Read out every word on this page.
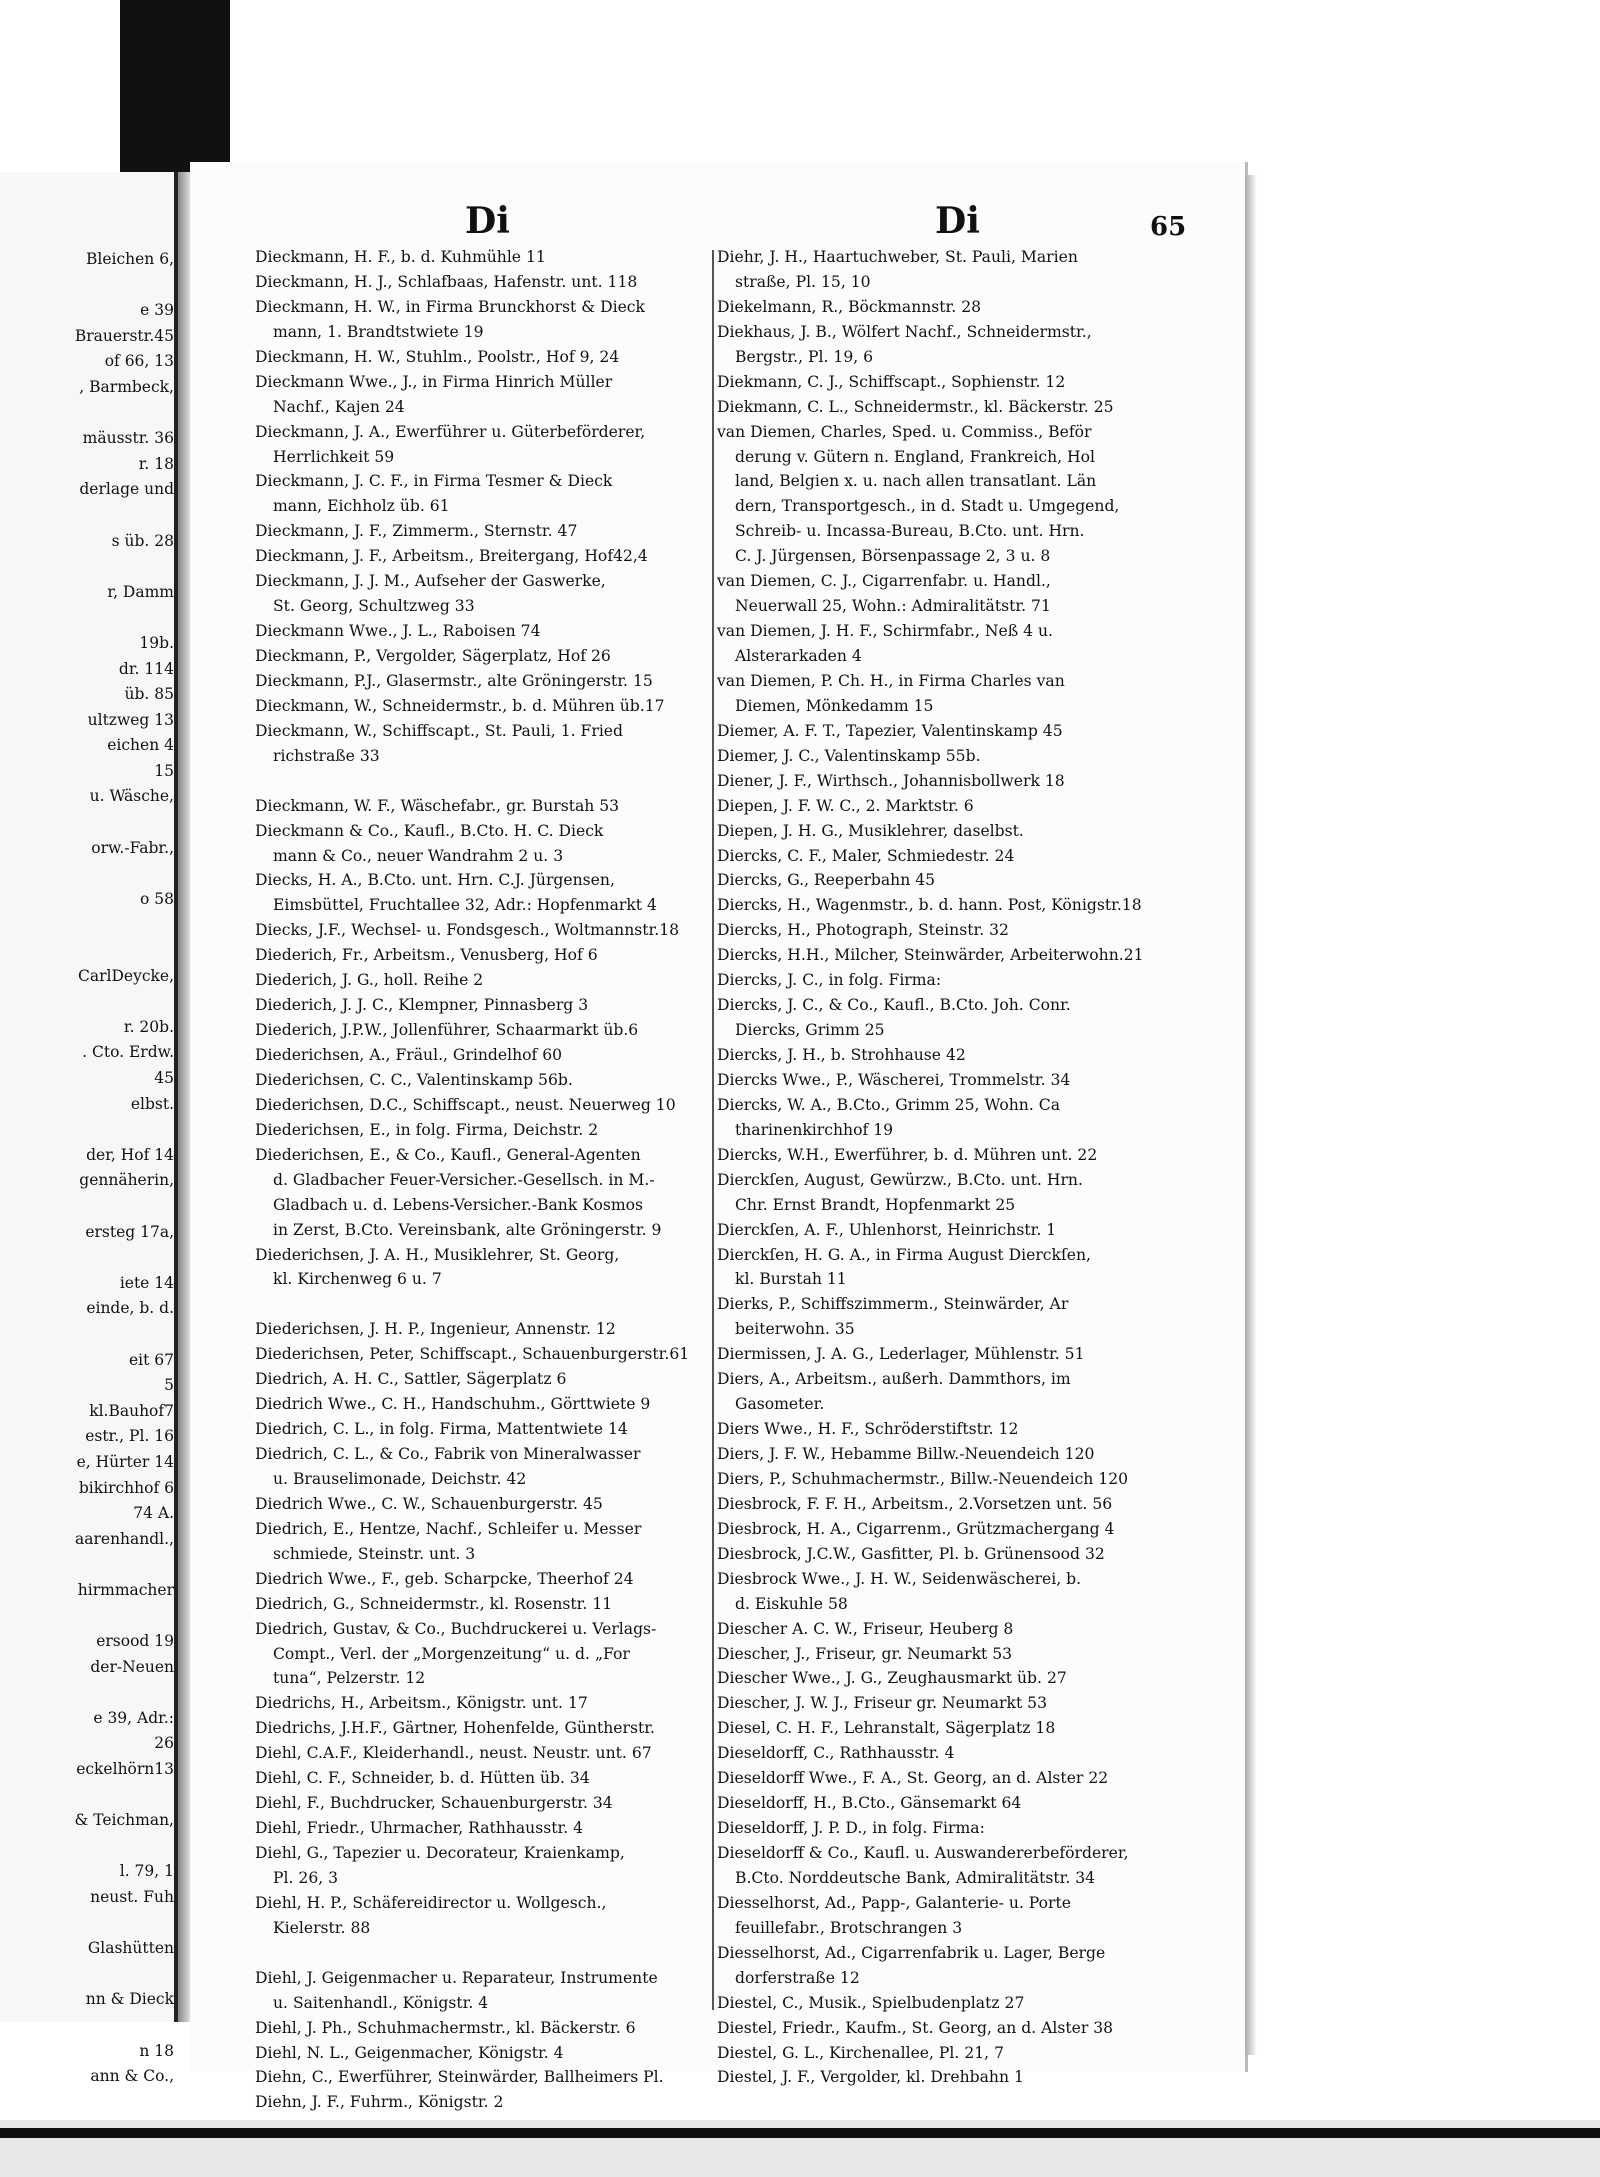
Bleichen 6,
e 39
Brauerstr.45
of 66, 13
, Barmbeck,
mäusstr. 36
r. 18
derlage und
s üb. 28
r, Damm
19b.
dr. 114
üb. 85
ultzweg 13
eichen 4
15
u. Wäsche,
orw.-Fabr.,
o 58
CarlDeycke,
r. 20b.
. Cto. Erdw.
45
elbst.
der, Hof 14
gennäherin,
ersteg 17a,
iete 14
einde, b. d.
eit 67
5
kl.Bauhof7
estr., Pl. 16
e, Hürter 14
bikirchhof 6
74 A.
aarenhandl.,
hirmmacher
ersood 19
der-Neuen
e 39, Adr.:
26
eckelhörn13
& Teichman,
l. 79, 1
neust. Fuh
Glashütten
nn & Dieck
n 18
ann & Co.,
Di	Di	65
Dieckmann, H. F., b. d. Kuhmühle 11
Dieckmann, H. J., Schlafbaas, Hafenstr. unt. 118
Dieckmann, H. W., in Firma Brunckhorst & Dieck
mann, 1. Brandtstwiete 19
Dieckmann, H. W., Stuhlm., Poolstr., Hof 9, 24
Dieckmann Wwe., J., in Firma Hinrich Müller
Nachf., Kajen 24
Dieckmann, J. A., Ewerführer u. Güterbeförderer,
Herrlichkeit 59
Dieckmann, J. C. F., in Firma Tesmer & Dieck
mann, Eichholz üb. 61
Dieckmann, J. F., Zimmerm., Sternstr. 47
Dieckmann, J. F., Arbeitsm., Breitergang, Hof42,4
Dieckmann, J. J. M., Aufseher der Gaswerke,
St. Georg, Schultzweg 33
Dieckmann Wwe., J. L., Raboisen 74
Dieckmann, P., Vergolder, Sägerplatz, Hof 26
Dieckmann, P.J., Glasermstr., alte Gröningerstr. 15
Dieckmann, W., Schneidermstr., b. d. Mühren üb.17
Dieckmann, W., Schiffscapt., St. Pauli, 1. Fried
richstraße 33
Dieckmann, W. F., Wäschefabr., gr. Burstah 53
Dieckmann & Co., Kaufl., B.Cto. H. C. Dieck
mann & Co., neuer Wandrahm 2 u. 3
Diecks, H. A., B.Cto. unt. Hrn. C.J. Jürgensen,
Eimsbüttel, Fruchtallee 32, Adr.: Hopfenmarkt 4
Diecks, J.F., Wechsel- u. Fondsgesch., Woltmannstr.18
Diederich, Fr., Arbeitsm., Venusberg, Hof 6
Diederich, J. G., holl. Reihe 2
Diederich, J. J. C., Klempner, Pinnasberg 3
Diederich, J.P.W., Jollenführer, Schaarmarkt üb.6
Diederichsen, A., Fräul., Grindelhof 60
Diederichsen, C. C., Valentinskamp 56b.
Diederichsen, D.C., Schiffscapt., neust. Neuerweg 10
Diederichsen, E., in folg. Firma, Deichstr. 2
Diederichsen, E., & Co., Kaufl., General-Agenten
d. Gladbacher Feuer-Versicher.-Gesellsch. in M.-
Gladbach u. d. Lebens-Versicher.-Bank Kosmos
in Zerst, B.Cto. Vereinsbank, alte Gröningerstr. 9
Diederichsen, J. A. H., Musiklehrer, St. Georg,
kl. Kirchenweg 6 u. 7
Diederichsen, J. H. P., Ingenieur, Annenstr. 12
Diederichsen, Peter, Schiffscapt., Schauenburgerstr.61
Diedrich, A. H. C., Sattler, Sägerplatz 6
Diedrich Wwe., C. H., Handschuhm., Görttwiete 9
Diedrich, C. L., in folg. Firma, Mattentwiete 14
Diedrich, C. L., & Co., Fabrik von Mineralwasser
u. Brauselimonade, Deichstr. 42
Diedrich Wwe., C. W., Schauenburgerstr. 45
Diedrich, E., Hentze, Nachf., Schleifer u. Messer
schmiede, Steinstr. unt. 3
Diedrich Wwe., F., geb. Scharpcke, Theerhof 24
Diedrich, G., Schneidermstr., kl. Rosenstr. 11
Diedrich, Gustav, & Co., Buchdruckerei u. Verlags-
Compt., Verl. der „Morgenzeitung“ u. d. „For
tuna“, Pelzerstr. 12
Diedrichs, H., Arbeitsm., Königstr. unt. 17
Diedrichs, J.H.F., Gärtner, Hohenfelde, Güntherstr.
Diehl, C.A.F., Kleiderhandl., neust. Neustr. unt. 67
Diehl, C. F., Schneider, b. d. Hütten üb. 34
Diehl, F., Buchdrucker, Schauenburgerstr. 34
Diehl, Friedr., Uhrmacher, Rathhausstr. 4
Diehl, G., Tapezier u. Decorateur, Kraienkamp,
Pl. 26, 3
Diehl, H. P., Schäfereidirector u. Wollgesch.,
Kielerstr. 88
Diehl, J. Geigenmacher u. Reparateur, Instrumente
u. Saitenhandl., Königstr. 4
Diehl, J. Ph., Schuhmachermstr., kl. Bäckerstr. 6
Diehl, N. L., Geigenmacher, Königstr. 4
Diehn, C., Ewerführer, Steinwärder, Ballheimers Pl.
Diehn, J. F., Fuhrm., Königstr. 2
Diehr, J. H., Haartuchweber, St. Pauli, Marien
straße, Pl. 15, 10
Diekelmann, R., Böckmannstr. 28
Diekhaus, J. B., Wölfert Nachf., Schneidermstr.,
Bergstr., Pl. 19, 6
Diekmann, C. J., Schiffscapt., Sophienstr. 12
Diekmann, C. L., Schneidermstr., kl. Bäckerstr. 25
van Diemen, Charles, Sped. u. Commiss., Beför
derung v. Gütern n. England, Frankreich, Hol
land, Belgien x. u. nach allen transatlant. Län
dern, Transportgesch., in d. Stadt u. Umgegend,
Schreib- u. Incassa-Bureau, B.Cto. unt. Hrn.
C. J. Jürgensen, Börsenpassage 2, 3 u. 8
van Diemen, C. J., Cigarrenfabr. u. Handl.,
Neuerwall 25, Wohn.: Admiralitätstr. 71
van Diemen, J. H. F., Schirmfabr., Neß 4 u.
Alsterarkaden 4
van Diemen, P. Ch. H., in Firma Charles van
Diemen, Mönkedamm 15
Diemer, A. F. T., Tapezier, Valentinskamp 45
Diemer, J. C., Valentinskamp 55b.
Diener, J. F., Wirthsch., Johannisbollwerk 18
Diepen, J. F. W. C., 2. Marktstr. 6
Diepen, J. H. G., Musiklehrer, daselbst.
Diercks, C. F., Maler, Schmiedestr. 24
Diercks, G., Reeperbahn 45
Diercks, H., Wagenmstr., b. d. hann. Post, Königstr.18
Diercks, H., Photograph, Steinstr. 32
Diercks, H.H., Milcher, Steinwärder, Arbeiterwohn.21
Diercks, J. C., in folg. Firma:
Diercks, J. C., & Co., Kaufl., B.Cto. Joh. Conr.
Diercks, Grimm 25
Diercks, J. H., b. Strohhause 42
Diercks Wwe., P., Wäscherei, Trommelstr. 34
Diercks, W. A., B.Cto., Grimm 25, Wohn. Ca
tharinenkirchhof 19
Diercks, W.H., Ewerführer, b. d. Mühren unt. 22
Dierckſen, August, Gewürzw., B.Cto. unt. Hrn.
Chr. Ernst Brandt, Hopfenmarkt 25
Dierckſen, A. F., Uhlenhorst, Heinrichstr. 1
Dierckſen, H. G. A., in Firma August Dierckſen,
kl. Burstah 11
Dierks, P., Schiffszimmerm., Steinwärder, Ar
beiterwohn. 35
Diermissen, J. A. G., Lederlager, Mühlenstr. 51
Diers, A., Arbeitsm., außerh. Dammthors, im
Gasometer.
Diers Wwe., H. F., Schröderstiftstr. 12
Diers, J. F. W., Hebamme Billw.-Neuendeich 120
Diers, P., Schuhmachermstr., Billw.-Neuendeich 120
Diesbrock, F. F. H., Arbeitsm., 2.Vorsetzen unt. 56
Diesbrock, H. A., Cigarrenm., Grützmachergang 4
Diesbrock, J.C.W., Gasfitter, Pl. b. Grünensood 32
Diesbrock Wwe., J. H. W., Seidenwäscherei, b.
d. Eiskuhle 58
Diescher A. C. W., Friseur, Heuberg 8
Diescher, J., Friseur, gr. Neumarkt 53
Diescher Wwe., J. G., Zeughausmarkt üb. 27
Diescher, J. W. J., Friseur gr. Neumarkt 53
Diesel, C. H. F., Lehranstalt, Sägerplatz 18
Dieseldorff, C., Rathhausstr. 4
Dieseldorff Wwe., F. A., St. Georg, an d. Alster 22
Dieseldorff, H., B.Cto., Gänsemarkt 64
Dieseldorff, J. P. D., in folg. Firma:
Dieseldorff & Co., Kaufl. u. Auswandererbeförderer,
B.Cto. Norddeutsche Bank, Admiralitätstr. 34
Diesselhorst, Ad., Papp-, Galanterie- u. Porte
feuillefabr., Brotschrangen 3
Diesselhorst, Ad., Cigarrenfabrik u. Lager, Berge
dorferstraße 12
Diestel, C., Musik., Spielbudenplatz 27
Diestel, Friedr., Kaufm., St. Georg, an d. Alster 38
Diestel, G. L., Kirchenallee, Pl. 21, 7
Diestel, J. F., Vergolder, kl. Drehbahn 1
